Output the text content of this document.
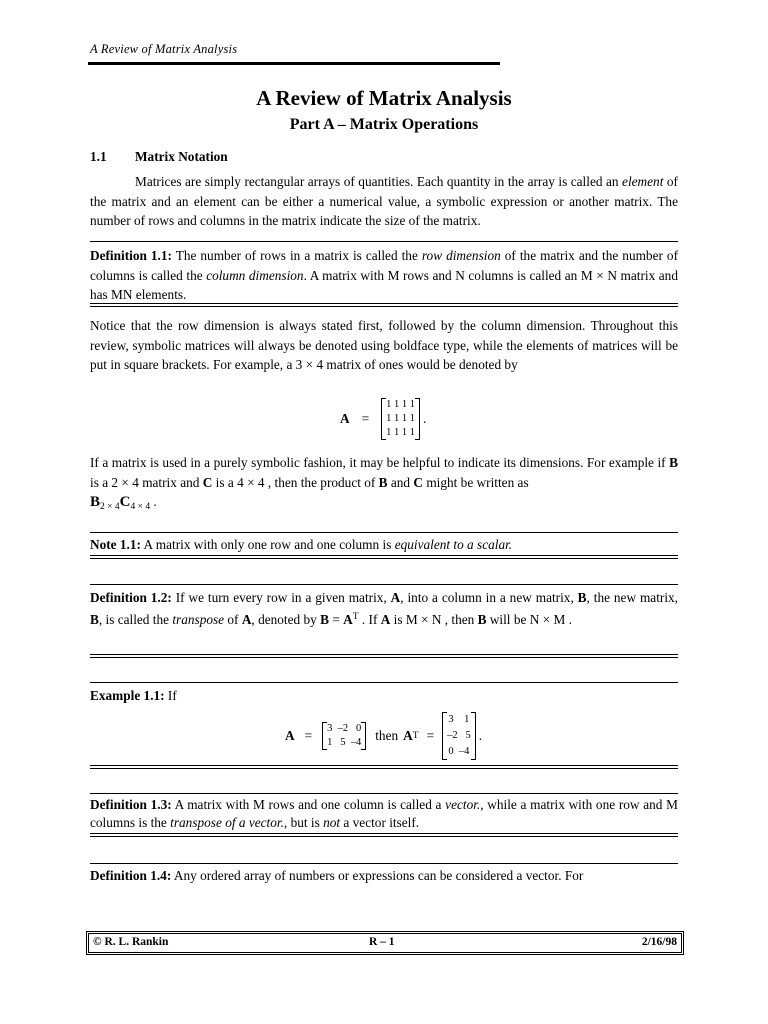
A Review of Matrix Analysis
A Review of Matrix Analysis
Part A – Matrix Operations
1.1 Matrix Notation
Matrices are simply rectangular arrays of quantities. Each quantity in the array is called an element of the matrix and an element can be either a numerical value, a symbolic expression or another matrix. The number of rows and columns in the matrix indicate the size of the matrix.
Definition 1.1: The number of rows in a matrix is called the row dimension of the matrix and the number of columns is called the column dimension. A matrix with M rows and N columns is called an M × N matrix and has MN elements.
Notice that the row dimension is always stated first, followed by the column dimension. Throughout this review, symbolic matrices will always be denoted using boldface type, while the elements of matrices will be put in square brackets. For example, a 3 × 4 matrix of ones would be denoted by
A =
1 1 1 1
1 1 1 1
1 1 1 1
.
If a matrix is used in a purely symbolic fashion, it may be helpful to indicate its dimensions. For example if B is a 2 × 4 matrix and C is a 4 × 4 , then the product of B and C might be written as
$B_{2 \times 4}C_{4 \times 4}$ .
Note 1.1: A matrix with only one row and one column is equivalent to a scalar.
Definition 1.2: If we turn every row in a given matrix, A, into a column in a new matrix, B, the new matrix, B, is called the transpose of A, denoted by $B = A^T$ . If A is M × N , then B will be N × M .
Example 1.1: If
A = 3  –2   0
1   5  –4 then A T =
3    1
–2   5
0  –4
.
Definition 1.3: A matrix with M rows and one column is called a vector., while a matrix with one row and M columns is the transpose of a vector., but is not a vector itself.
Definition 1.4: Any ordered array of numbers or expressions can be considered a vector. For
© R. L. Rankin	R – 1	2/16/98
